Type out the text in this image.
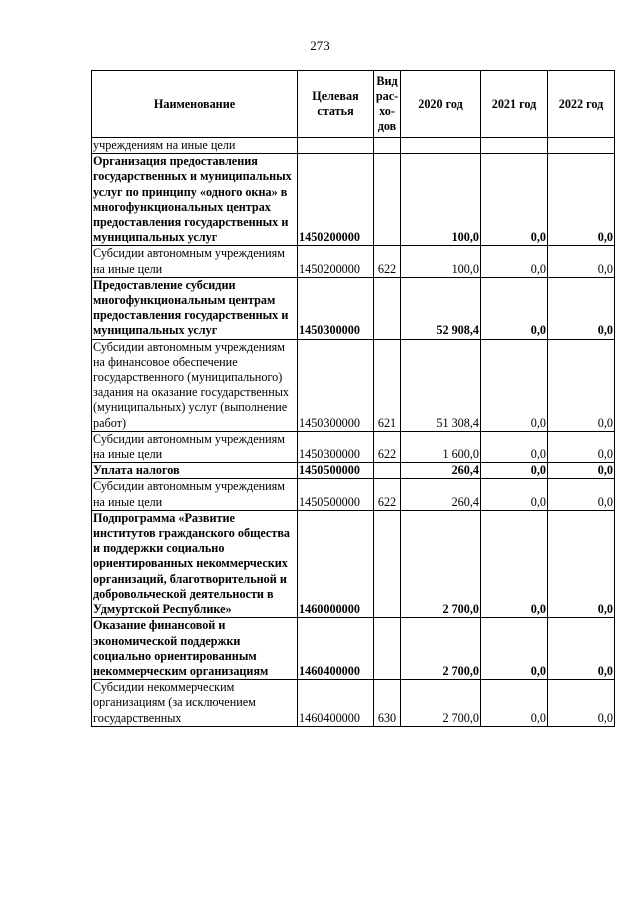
273
Наименование	Целевая статья	Вид рас-хо-дов	2020 год	2021 год	2022 год
учреждениям на иные цели					
Организация предоставления государственных и муниципальных услуг по принципу «одного окна» в многофункциональных центрах предоставления государственных и муниципальных услуг	1450200000		100,0	0,0	0,0
Субсидии автономным учреждениям на иные цели	1450200000	622	100,0	0,0	0,0
Предоставление субсидии многофункциональным центрам предоставления государственных и муниципальных услуг	1450300000		52 908,4	0,0	0,0
Субсидии автономным учреждениям на финансовое обеспечение государственного (муниципального) задания на оказание государственных (муниципальных) услуг (выполнение работ)	1450300000	621	51 308,4	0,0	0,0
Субсидии автономным учреждениям на иные цели	1450300000	622	1 600,0	0,0	0,0
Уплата налогов	1450500000		260,4	0,0	0,0
Субсидии автономным учреждениям на иные цели	1450500000	622	260,4	0,0	0,0
Подпрограмма «Развитие институтов гражданского общества и поддержки социально ориентированных некоммерческих организаций, благотворительной и добровольческой деятельности в Удмуртской Республике»	1460000000		2 700,0	0,0	0,0
Оказание финансовой и экономической поддержки социально ориентированным некоммерческим организациям	1460400000		2 700,0	0,0	0,0
Субсидии некоммерческим организациям (за исключением государственных	1460400000	630	2 700,0	0,0	0,0
